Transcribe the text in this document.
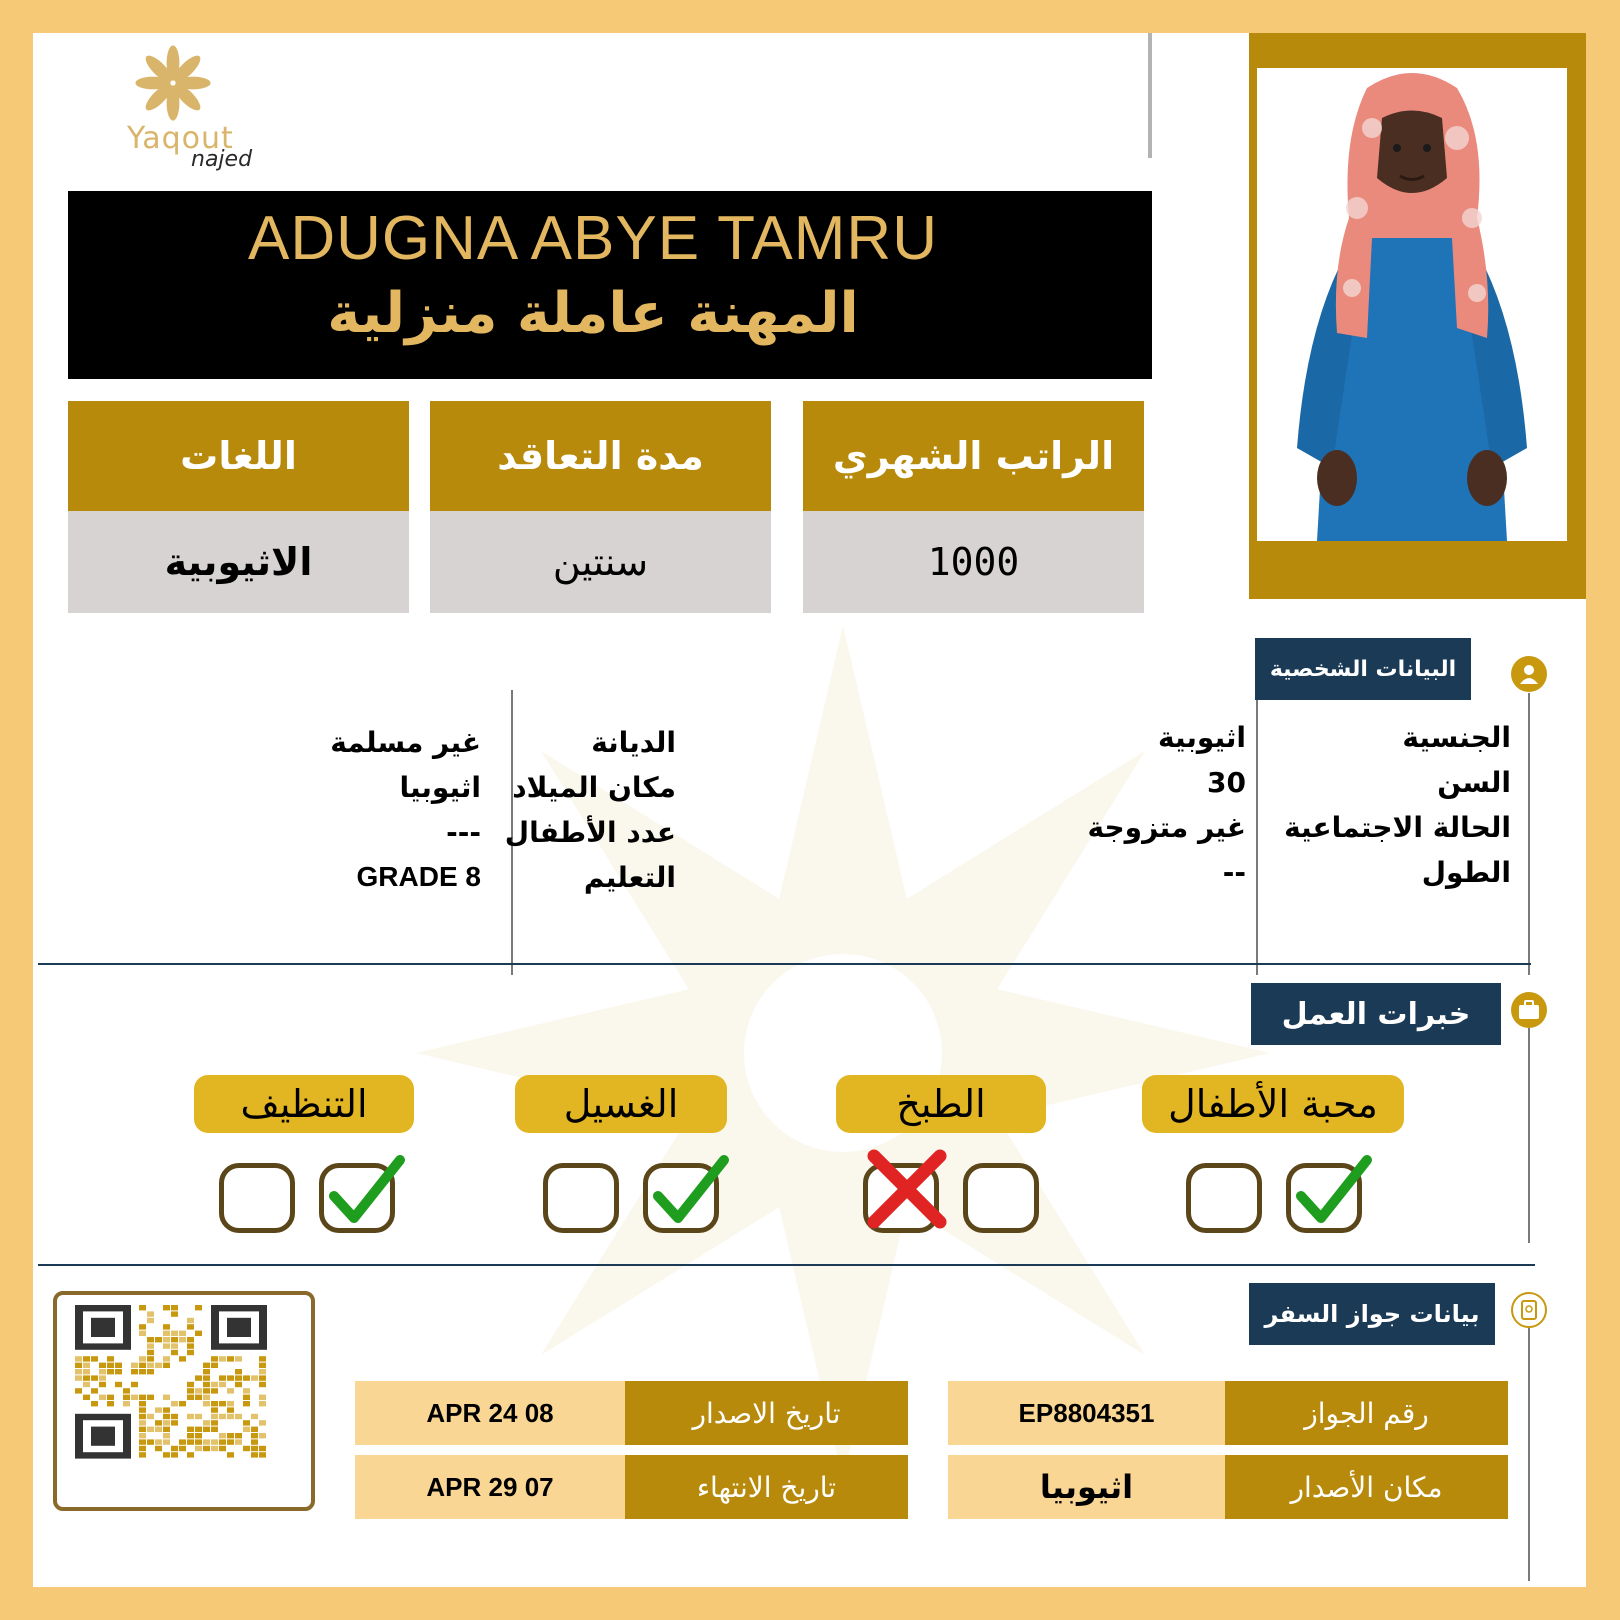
Yaqout
najed
ADUGNA ABYE TAMRU
المهنة عاملة منزلية
الراتب الشهري
1000
مدة التعاقد
سنتين
اللغات
الاثيوبية
البيانات الشخصية
الجنسية
السن
الحالة الاجتماعية
الطول
اثيوبية
30
غير متزوجة
--
الديانة
مكان الميلاد
عدد الأطفال
التعليم
غير مسلمة
اثيوبيا
---
GRADE 8
خبرات العمل
محبة الأطفال
الطبخ
الغسيل
التنظيف
بيانات جواز السفر
رقم الجواز
EP8804351
مكان الأصدار
اثيوبيا
تاريخ الاصدار
08 APR 24
تاريخ الانتهاء
07 APR 29
